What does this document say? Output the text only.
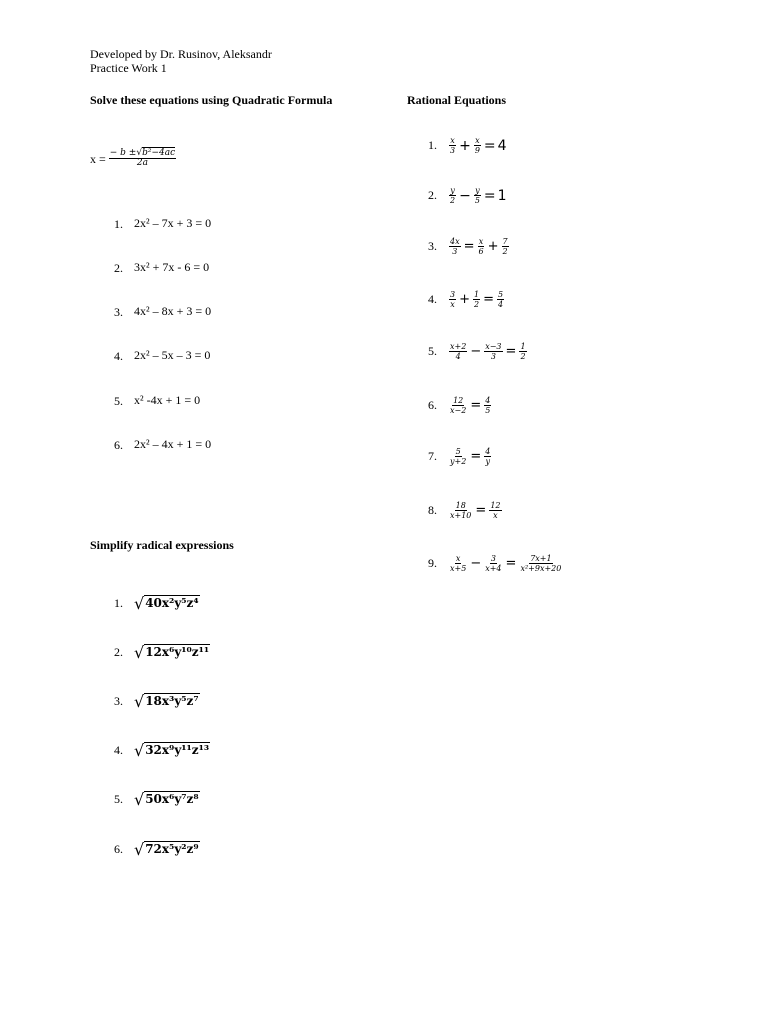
Developed by Dr. Rusinov, Aleksandr
Practice Work 1
Solve these equations using Quadratic Formula
$x = \frac{\text{− b ±√b²−4ac}}{2a}$
1. 2x² – 7x + 3 = 0
2. 3x² + 7x - 6 = 0
3. 4x² – 8x + 3 = 0
4. 2x² – 5x – 3 = 0
5. x² -4x + 1 = 0
6. 2x² – 4x + 1 = 0
Simplify radical expressions
1. √40x²y⁵z⁴
2. √12x⁶y¹⁰z¹¹
3. √18x³y⁵z⁷
4. √32x⁹y¹¹z¹³
5. √50x⁶y⁷z⁸
6. √72x⁵y²z⁹
Rational Equations
1.	$\frac{x}{3} + \frac{x}{9} = 4$
2.	$\frac{y}{2} - \frac{y}{5} = 1$
3.	$\frac{4x}{3} = \frac{x}{6} + \frac{7}{2}$
4.	$\frac{3}{x} + \frac{1}{2} = \frac{5}{4}$
5.	$\frac{x+2}{4} - \frac{x-3}{3} = \frac{1}{2}$
6.	$\frac{12}{x-2} = \frac{4}{5}$
7.	$\frac{5}{y+2} = \frac{4}{y}$
8.	$\frac{18}{x+10} = \frac{12}{x}$
9.	$\frac{x}{x+5} - \frac{3}{x+4} = \frac{7x+1}{\text{x²+9x+20}}$
